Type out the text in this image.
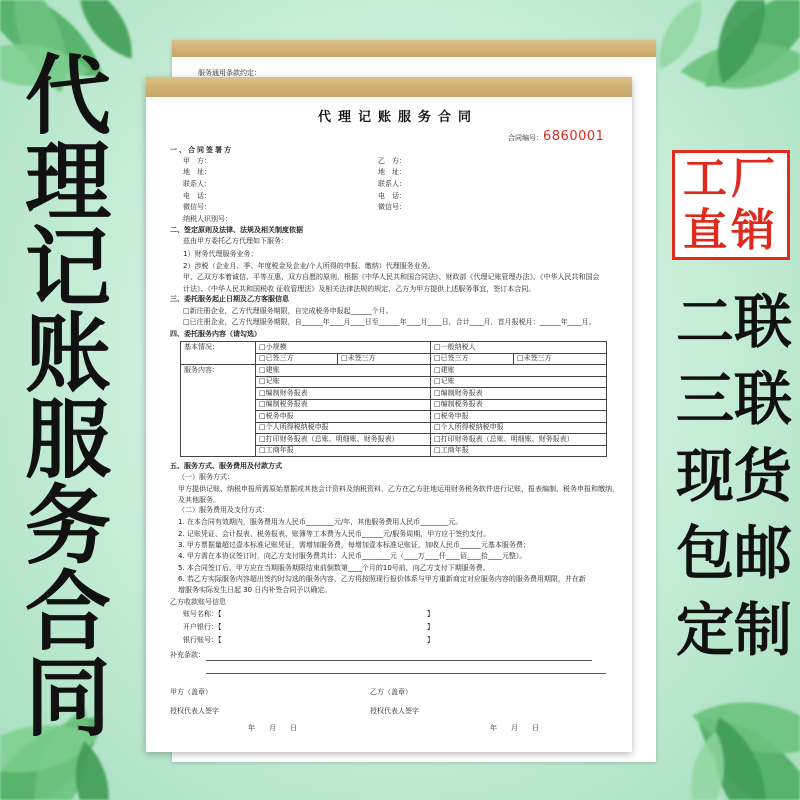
服务通用条款约定：
代理记账服务合同
合同编号：6860001
一、合同签署方
甲　方：
地　址：
联系人：
电　话：
微信号：
纳税人识别号：
乙　方：
地　址：
联系人：
电　话：
微信号：
二、签定原则及法律、法规及相关制度依据
兹由甲方委托乙方代理如下服务：
1）财务代理服务业务；
2）涉税（企业月、季、年度税金及企业/个人所得的申报、缴纳）代理服务业务。
甲、乙双方本着诚信、平等互惠、双方自愿的原则，根据《中华人民共和国合同法》、财政部《代理记账管理办法》、《中华人民共和国会
计法》、《中华人民共和国税收 征收管理法》及相关法律法规的规定，乙方为甲方提供上述服务事宜，签订本合同。
三、委托服务起止日期及乙方客服信息
□新注册企业，乙方代理服务期限，自完成税务申报起______个月。
□已注册企业，乙方代理服务期限，自______年____月____日至______年____月____日，合计____月，首月报税月：______年____月。
四、委托服务内容（请勾选）
基本情况：	□小规模		□一般纳税人	
	□已签三方	□未签三方	□已签三方	□未签三方
服务内容：	□建账		□建账	
	□记账		□记账	
	□编制财务报表		□编制财务报表	
	□编制税务报表		□编制税务报表	
	□税务申报		□税务申报	
	□个人所得税纳税申报		□个人所得税纳税申报	
	□打印财务报表（总账、明细账、财务报表）		□打印财务报表（总账、明细账、财务报表）	
	□工商年报		□工商年报	
五、服务方式、服务费用及付款方式
（一）服务方式：
甲方提供记账、纳税申报所需原始票据或其他会计资料及纳税资料，乙方在乙方驻地运用财务税务软件进行记账、报表编制、税务申报和缴纳，
及其他服务。
（二）服务费用及支付方式：
1. 在本合同有效期内，服务费用为人民币________元/年，其他服务费用人民币________元。
2. 记账凭证、会计报表、税务报表、账簿等工本费为人民币______元/服务周期，甲方应于签约支付。
3. 甲方票据量超过壹本标准记账凭证，需增加服务费，每增加壹本标准记账证，加收人民币______元基本服务费；
4. 甲方需在本协议签订时，向乙方支付服务费共计：人民币________元（____万____仟____佰____拾____元整）。
5. 本合同签订后，甲方应在当期服务期限结束前倒数第____个月的10号前，向乙方支付下期服务费。
6. 若乙方实际服务内容超出签约时勾选的服务内容，乙方将按照现行报价体系与甲方重新商定对应服务内容的服务费用期限，并在新
增服务实际发生日起 30 日内补签合同予以确定。
乙方收款账号信息
账号名称：【	】
开户银行：【	】
银行账号：【	】
补充条款：
甲方（盖章）	乙方（盖章）
授权代表人签字	授权代表人签字
年　　月　　日	年　　月　　日
代理记账服务合同	工厂
直销
二联
三联
现货
包邮
定制
